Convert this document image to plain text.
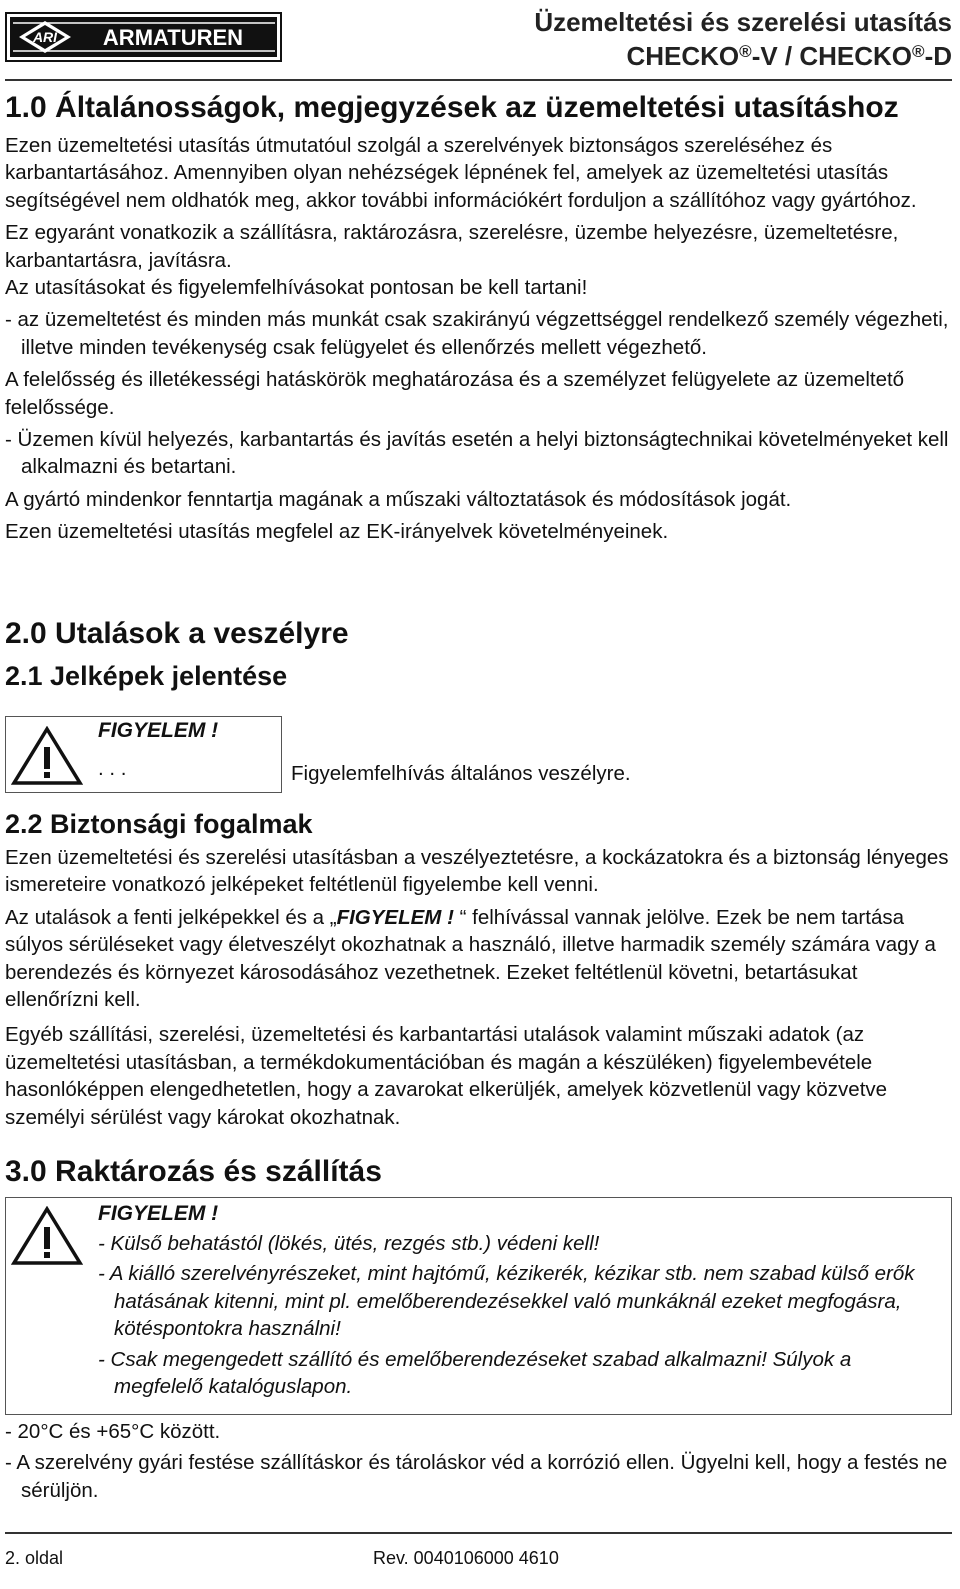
ARI ARMATUREN
Üzemeltetési és szerelési utasítás
CHECKO®-V / CHECKO®-D
1.0 Általánosságok, megjegyzések az üzemeltetési utasításhoz

Ezen üzemeltetési utasítás útmutatóul szolgál a szerelvények biztonságos szereléséhez és karbantartásához. Amennyiben olyan nehézségek lépnének fel, amelyek az üzemeltetési utasítás segítségével nem oldhatók meg, akkor további információkért forduljon a szállítóhoz vagy gyártóhoz.

Ez egyaránt vonatkozik a szállításra, raktározásra, szerelésre, üzembe helyezésre, üzemeltetésre, karbantartásra, javításra.

Az utasításokat és figyelemfelhívásokat pontosan be kell tartani!

- az üzemeltetést és minden más munkát csak szakirányú végzettséggel rendelkező személy végezheti, illetve minden tevékenység csak felügyelet és ellenőrzés mellett végezhető.

A felelősség és illetékességi hatáskörök meghatározása és a személyzet felügyelete az üzemeltető felelőssége.

- Üzemen kívül helyezés, karbantartás és javítás esetén a helyi biztonságtechnikai követelményeket kell alkalmazni és betartani.

A gyártó mindenkor fenntartja magának a műszaki változtatások és módosítások jogát.

Ezen üzemeltetési utasítás megfelel az EK-irányelvek követelményeinek.

2.0 Utalások a veszélyre
2.1 Jelképek jelentése
FIGYELEM !
. . .	Figyelemfelhívás általános veszélyre.
2.2 Biztonsági fogalmak

Ezen üzemeltetési és szerelési utasításban a veszélyeztetésre, a kockázatokra és a biztonság lényeges ismereteire vonatkozó jelképeket feltétlenül figyelembe kell venni.

Az utalások a fenti jelképekkel és a „FIGYELEM ! “ felhívással vannak jelölve. Ezek be nem tartása súlyos sérüléseket vagy életveszélyt okozhatnak a használó, illetve harmadik személy számára vagy a berendezés és környezet károsodásához vezethetnek. Ezeket feltétlenül követni, betartásukat ellenőrízni kell.

Egyéb szállítási, szerelési, üzemeltetési és karbantartási utalások valamint műszaki adatok (az üzemeltetési utasításban, a termékdokumentációban és magán a készüléken) figyelembevétele hasonlóképpen elengedhetetlen, hogy a zavarokat elkerüljék, amelyek közvetlenül vagy közvetve személyi sérülést vagy károkat okozhatnak.

3.0 Raktározás és szállítás
FIGYELEM !

- Külső behatástól (lökés, ütés, rezgés stb.) védeni kell!

- A kiálló szerelvényrészeket, mint hajtómű, kézikerék, kézikar stb. nem szabad külső erők hatásának kitenni, mint pl. emelőberendezésekkel való munkáknál ezeket megfogásra, kötéspontokra használni!

- Csak megengedett szállító és emelőberendezéseket szabad alkalmazni! Súlyok a megfelelő katalóguslapon.

- 20°C és +65°C között.

- A szerelvény gyári festése szállításkor és tároláskor véd a korrózió ellen. Ügyelni kell, hogy a festés ne sérüljön.

2. oldal	Rev. 0040106000 4610
